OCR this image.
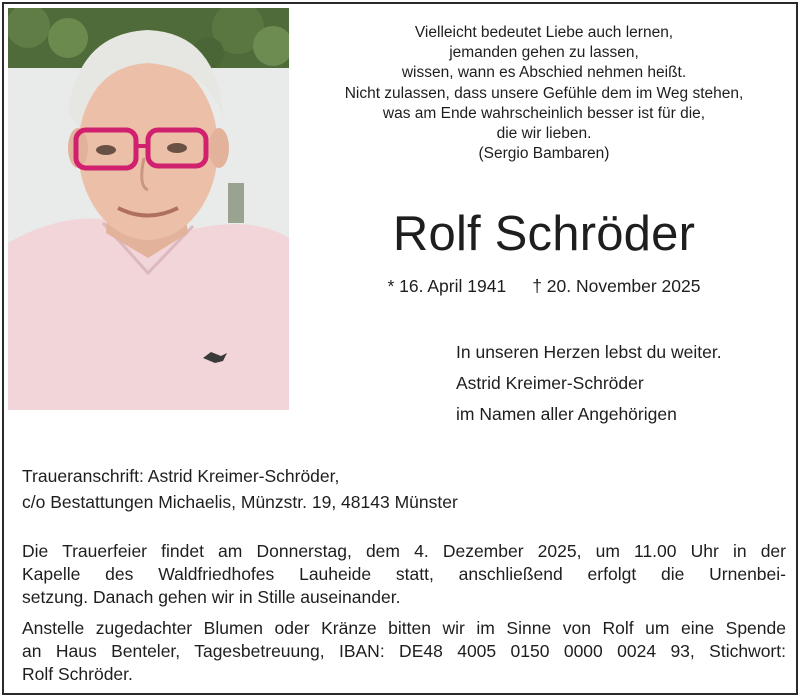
Vielleicht bedeutet Liebe auch lernen,
jemanden gehen zu lassen,
wissen, wann es Abschied nehmen heißt.
Nicht zulassen, dass unsere Gefühle dem im Weg stehen,
was am Ende wahrscheinlich besser ist für die,
die wir lieben.
(Sergio Bambaren)
Rolf Schröder
* 16. April 1941 † 20. November 2025
In unseren Herzen lebst du weiter.
Astrid Kreimer-Schröder
im Namen aller Angehörigen
Traueranschrift: Astrid Kreimer-Schröder,
c/o Bestattungen Michaelis, Münzstr. 19, 48143 Münster
Die Trauerfeier findet am Donnerstag, dem 4. Dezember 2025, um 11.00 Uhr in der
Kapelle des Waldfriedhofes Lauheide statt, anschließend erfolgt die Urnenbei-
setzung. Danach gehen wir in Stille auseinander.
Anstelle zugedachter Blumen oder Kränze bitten wir im Sinne von Rolf um eine Spende
an Haus Benteler, Tagesbetreuung, IBAN: DE48 4005 0150 0000 0024 93, Stichwort:
Rolf Schröder.
